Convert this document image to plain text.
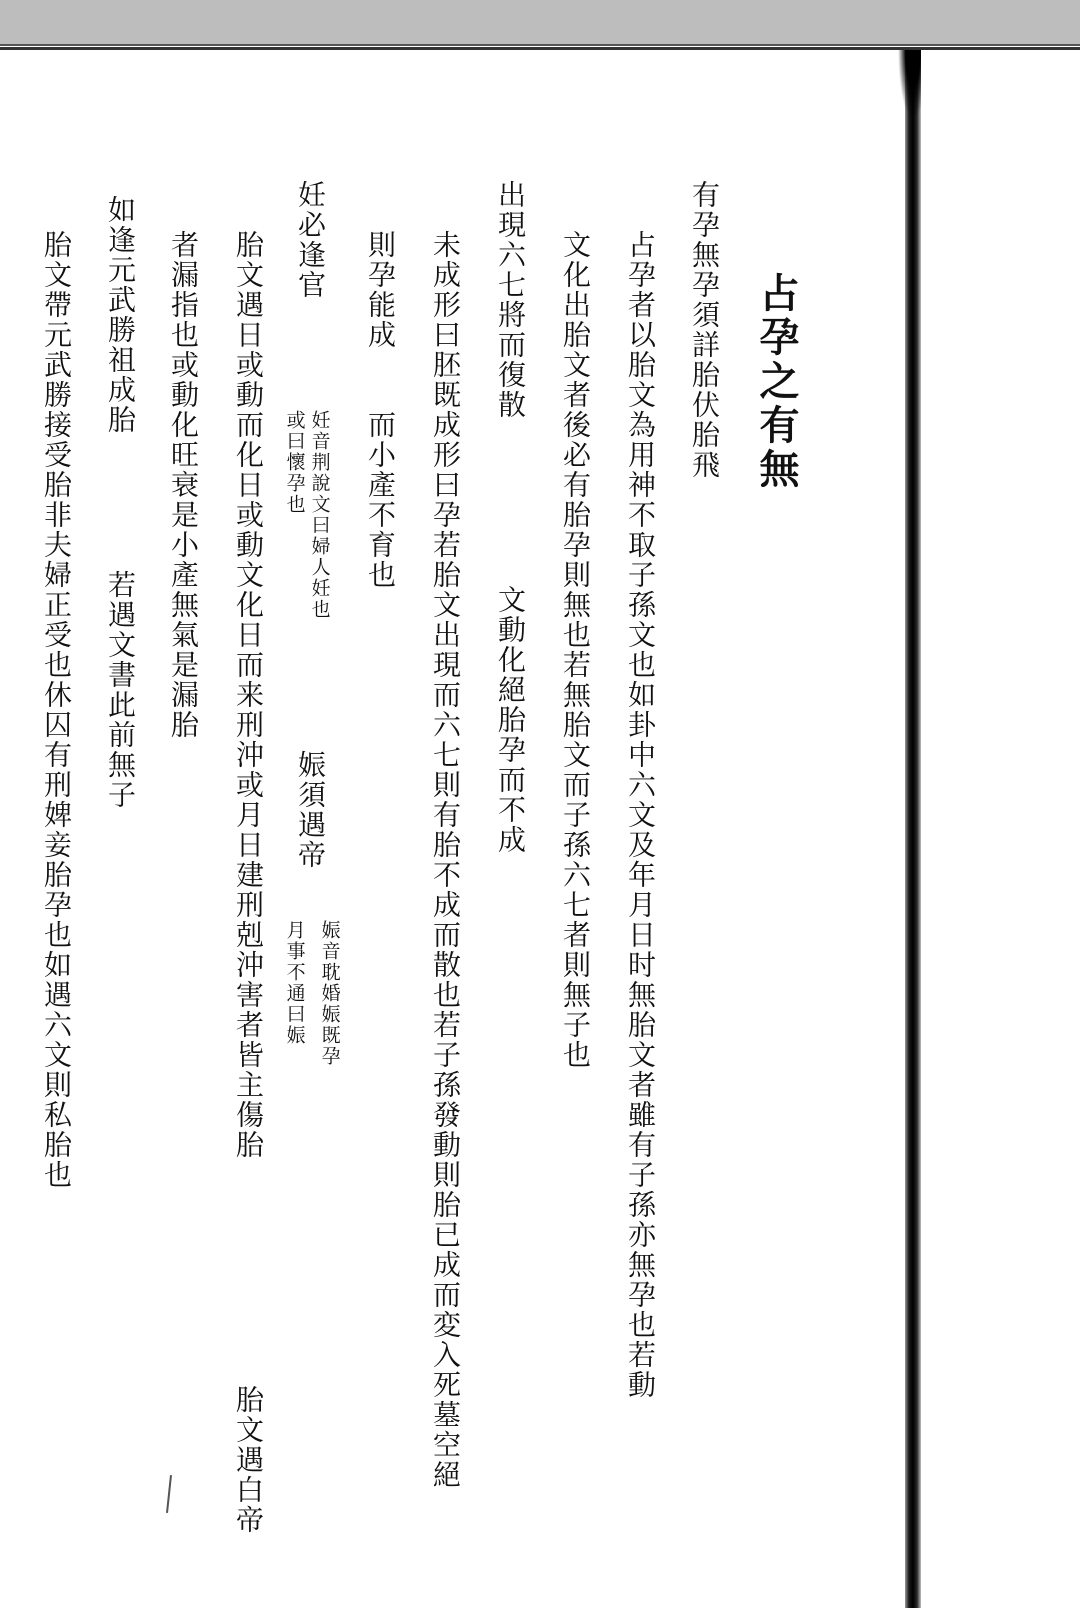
占孕之有無
有孕無孕須詳胎伏胎飛
占孕者以胎文為用神不取子孫文也如卦中六文及年月日时無胎文者雖有子孫亦無孕也若動
文化出胎文者後必有胎孕則無也若無胎文而子孫六七者則無子也
出現六七將
而復散
文動化絕胎孕而不成
未成形曰胚既成形曰孕若胎文出現而六七則有胎不成而散也若子孫發動則胎已成而変入死墓空絕
則孕能成
而小產不育也
妊必逢官
妊音荆說文曰婦人妊也
或曰懷孕也
娠須遇帝
娠音耽婚娠既孕
月事不通曰娠
胎文遇日或動而化日或動文化日而来刑沖或月日建刑剋沖害者皆主傷胎
胎文遇白帝
者漏指也或動化旺衰是小產無氣是漏胎
如逢元武勝祖成胎
若遇文書此前無子
胎文帶元武勝接受胎非夫婦正受也休囚有刑婢妾胎孕也如遇六文則私胎也
